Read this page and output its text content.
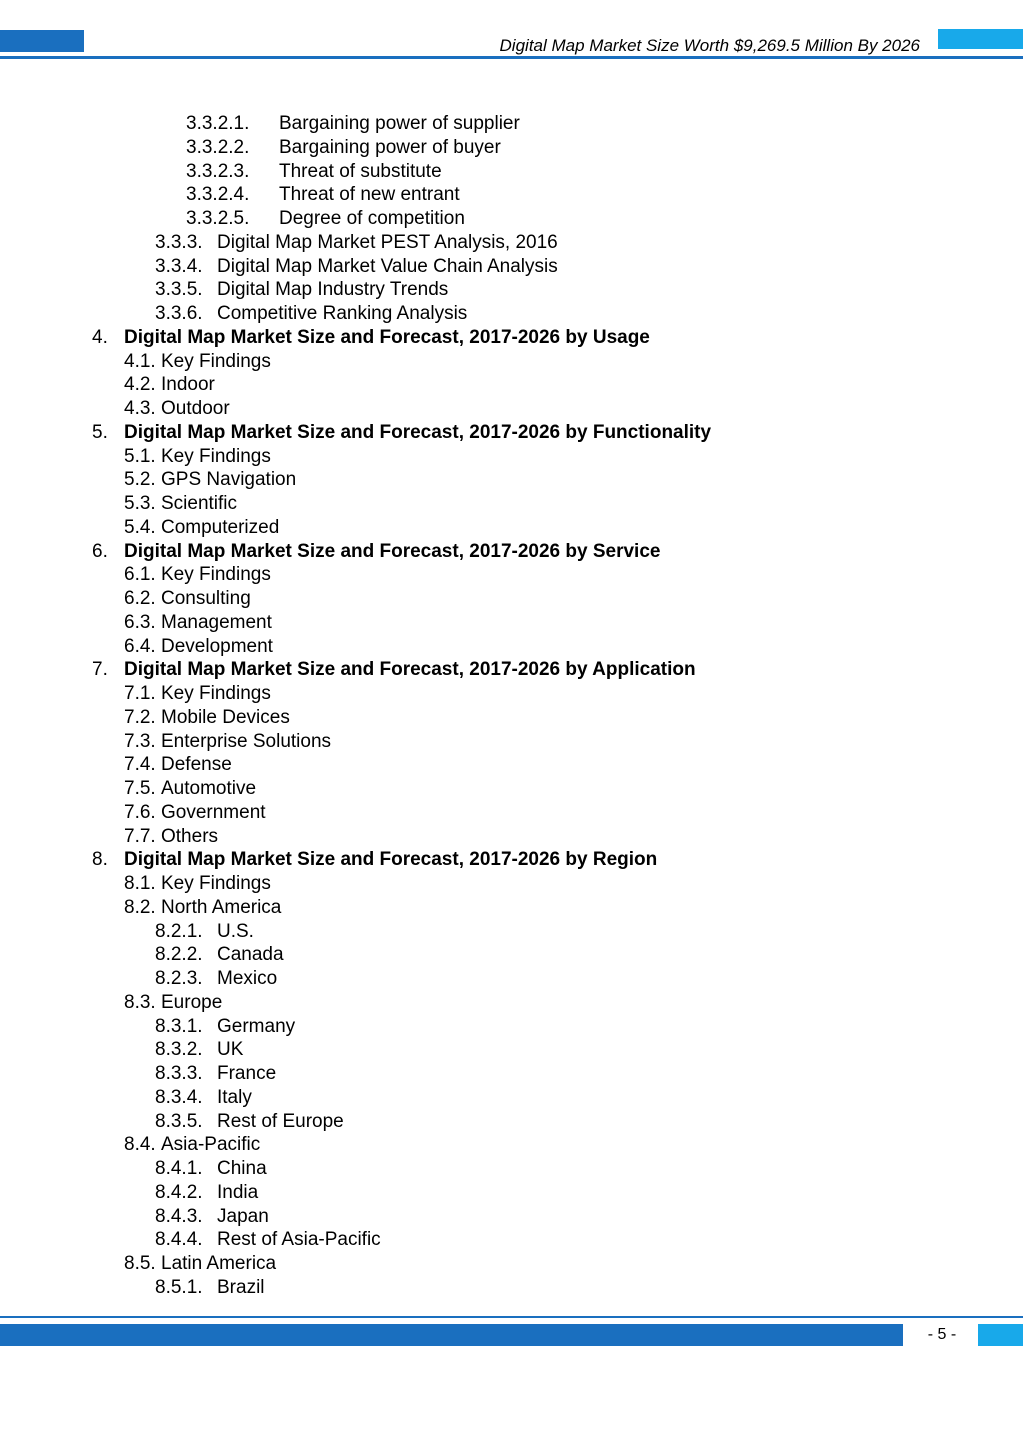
Digital Map Market Size Worth $9,269.5 Million By 2026
3.3.2.1. Bargaining power of supplier
3.3.2.2. Bargaining power of buyer
3.3.2.3. Threat of substitute
3.3.2.4. Threat of new entrant
3.3.2.5. Degree of competition
3.3.3. Digital Map Market PEST Analysis, 2016
3.3.4. Digital Map Market Value Chain Analysis
3.3.5. Digital Map Industry Trends
3.3.6. Competitive Ranking Analysis
4. Digital Map Market Size and Forecast, 2017-2026 by Usage
4.1. Key Findings
4.2. Indoor
4.3. Outdoor
5. Digital Map Market Size and Forecast, 2017-2026 by Functionality
5.1. Key Findings
5.2. GPS Navigation
5.3. Scientific
5.4. Computerized
6. Digital Map Market Size and Forecast, 2017-2026 by Service
6.1. Key Findings
6.2. Consulting
6.3. Management
6.4. Development
7. Digital Map Market Size and Forecast, 2017-2026 by Application
7.1. Key Findings
7.2. Mobile Devices
7.3. Enterprise Solutions
7.4. Defense
7.5. Automotive
7.6. Government
7.7. Others
8. Digital Map Market Size and Forecast, 2017-2026 by Region
8.1. Key Findings
8.2. North America
8.2.1. U.S.
8.2.2. Canada
8.2.3. Mexico
8.3. Europe
8.3.1. Germany
8.3.2. UK
8.3.3. France
8.3.4. Italy
8.3.5. Rest of Europe
8.4. Asia-Pacific
8.4.1. China
8.4.2. India
8.4.3. Japan
8.4.4. Rest of Asia-Pacific
8.5. Latin America
8.5.1. Brazil
- 5 -
